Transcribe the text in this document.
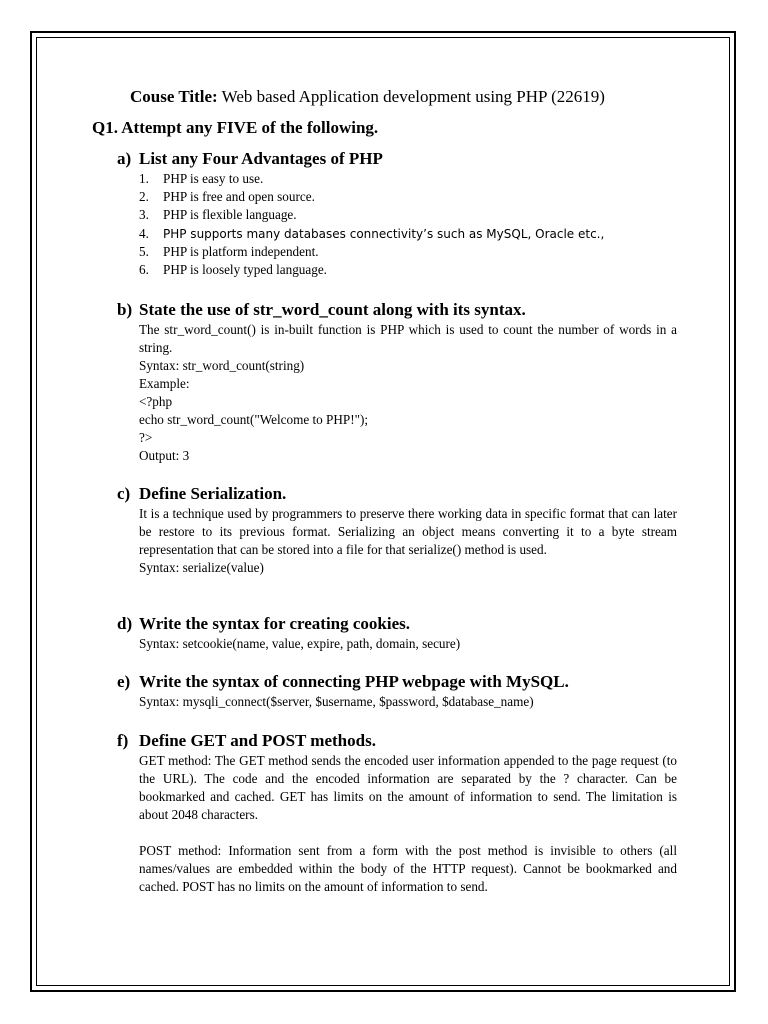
Couse Title: Web based Application development using PHP (22619)
Q1. Attempt any FIVE of the following.
a) List any Four Advantages of PHP
1.	PHP is easy to use.
2.	PHP is free and open source.
3.	PHP is flexible language.
4.	PHP supports many databases connectivity’s such as MySQL, Oracle etc.,
5.	PHP is platform independent.
6.	PHP is loosely typed language.
b) State the use of str_word_count along with its syntax.

The str_word_count() is in-built function is PHP which is used to count the number of words in a string.

Syntax: str_word_count(string)

Example:

<?php

echo str_word_count("Welcome to PHP!");

?>

Output: 3

c) Define Serialization.

It is a technique used by programmers to preserve there working data in specific format that can later be restore to its previous format. Serializing an object means converting it to a byte stream representation that can be stored into a file for that serialize() method is used.

Syntax: serialize(value)

d) Write the syntax for creating cookies.

Syntax: setcookie(name, value, expire, path, domain, secure)

e) Write the syntax of connecting PHP webpage with MySQL.

Syntax: mysqli_connect($server, $username, $password, $database_name)

f) Define GET and POST methods.

GET method: The GET method sends the encoded user information appended to the page request (to the URL). The code and the encoded information are separated by the ? character. Can be bookmarked and cached. GET has limits on the amount of information to send. The limitation is about 2048 characters.

POST method: Information sent from a form with the post method is invisible to others (all names/values are embedded within the body of the HTTP request). Cannot be bookmarked and cached. POST has no limits on the amount of information to send.
